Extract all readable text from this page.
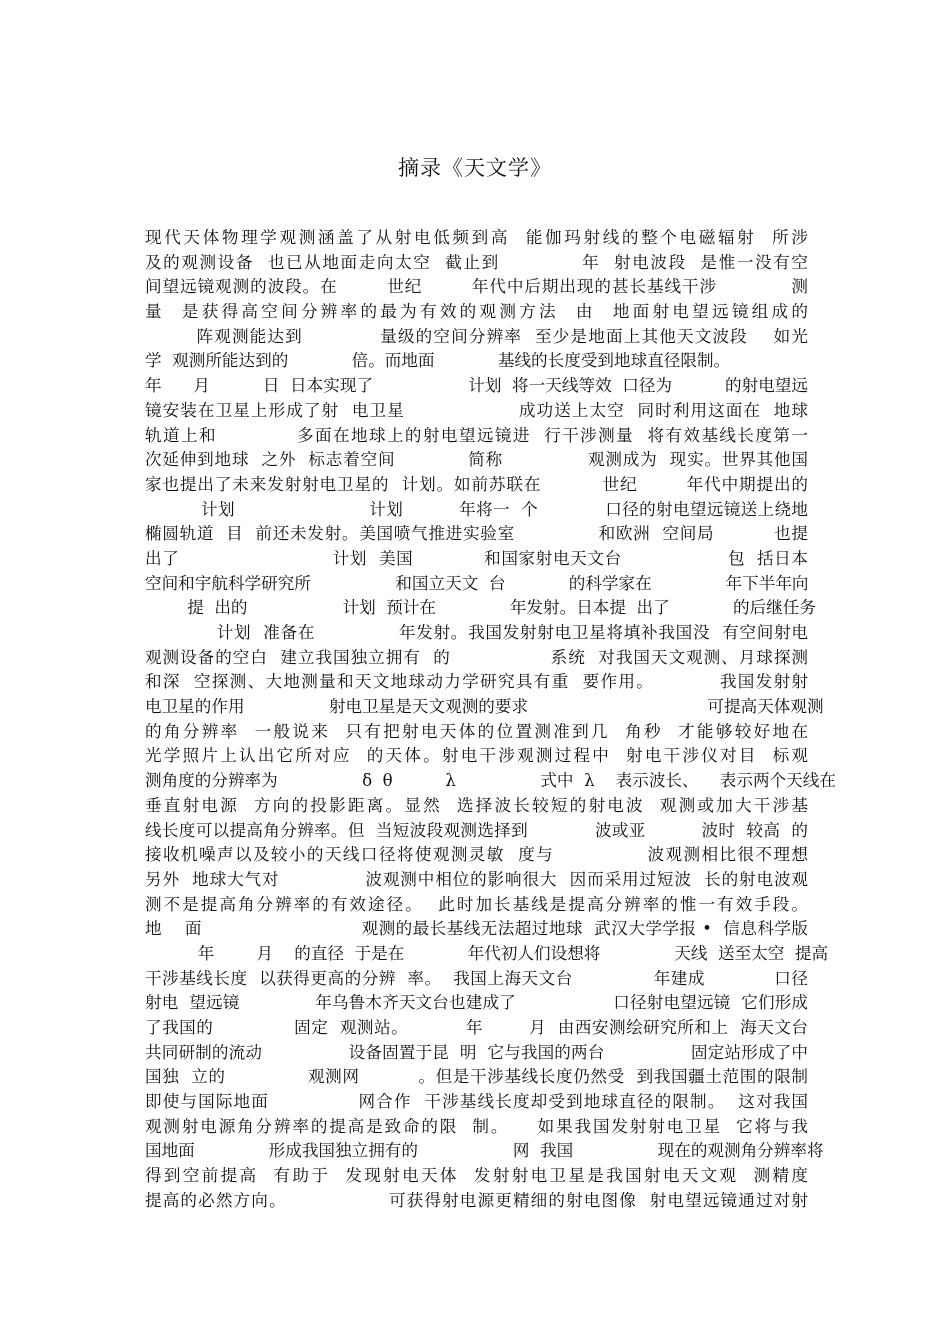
摘录《天文学》
现代天体物理学观测涵盖了从射电低频到高  能伽玛射线的整个电磁辐射  所涉
及的观测设备  也已从地面走向太空  截止到            年  射电波段  是惟一没有空
间望远镜观测的波段。在        世纪        年代中后期出现的甚长基线干涉            测
量  是获得高空间分辨率的最为有效的观测方法  由  地面射电望远镜组成的
阵观测能达到            量级的空间分辨率  至少是地面上其他天文波段    如光
学  观测所能达到的            倍。而地面            基线的长度受到地球直径限制。
年      月          日  日本实现了                  计划  将一天线等效  口径为          的射电望远
镜安装在卫星上形成了射  电卫星                  成功送上太空  同时利用这面在  地球
轨道上和            多面在地球上的射电望远镜进  行干涉测量  将有效基线长度第一
次延伸到地球  之外  标志着空间            简称              观测成为  现实。世界其他国
家也提出了未来发射射电卫星的  计划。如前苏联在          世纪        年代中期提出的
计划                        计划          年将一  个            口径的射电望远镜送上绕地
椭圆轨道  目  前还未发射。美国喷气推进实验室              和欧洲  空间局          也提
出了                          计划  美国            和国家射电天文台                  包  括日本
空间和宇航科学研究所                和国立天文  台            的科学家在              年下半年向
提  出的                  计划  预计在              年发射。日本提  出了            的后继任务
计划  准备在              年发射。我国发射射电卫星将填补我国没  有空间射电
观测设备的空白  建立我国独立拥有  的                系统  对我国天文观测、月球探测
和深  空探测、大地测量和天文地球动力学研究具有重  要作用。          我国发射射
电卫星的作用                射电卫星是天文观测的要求                                  可提高天体观测
的角分辨率  一般说来  只有把射电天体的位置测准到几  角秒  才能够较好地在
光学照片上认出它所对应  的天体。射电干涉观测过程中  射电干涉仪对目  标观
测角度的分辨率为                δ  θ          λ                式中  λ    表示波长、    表示两个天线在
垂直射电源  方向的投影距离。显然  选择波长较短的射电波  观测或加大干涉基
线长度可以提高角分辨率。但  当短波段观测选择到            波或亚          波时  较高  的
接收机噪声以及较小的天线口径将使观测灵敏  度与              波观测相比很不理想
另外  地球大气对              波观测中相位的影响很大  因而采用过短波  长的射电波观
测不是提高角分辨率的有效途径。  此时加长基线是提高分辨率的惟一有效手段。
地    面                            观测的最长基线无法超过地球  武汉大学学报 •  信息科学版
年        月    的直径  于是在            年代初人们设想将              天线  送至太空  提高
干涉基线长度  以获得更高的分辨  率。  我国上海天文台              年建成            口径
射电  望远镜              年乌鲁木齐天文台也建成了                  口径射电望远镜  它们形成
了我国的              固定  观测站。          年        月  由西安测绘研究所和上  海天文台
共同研制的流动                设备固置于昆  明  它与我国的两台                固定站形成了中
国独  立的              观测网          。但是干涉基线长度仍然受  到我国疆土范围的限制
即使与国际地面              网合作  干涉基线长度却受到地球直径的限制。  这对我国
观测射电源角分辨率的提高是致命的限  制。    如果我国发射射电卫星  它将与我
国地面              形成我国独立拥有的                  网  我国                现在的观测角分辨率将
得到空前提高  有助于  发现射电天体  发射射电卫星是我国射电天文观  测精度
提高的必然方向。                可获得射电源更精细的射电图像  射电望远镜通过对射
